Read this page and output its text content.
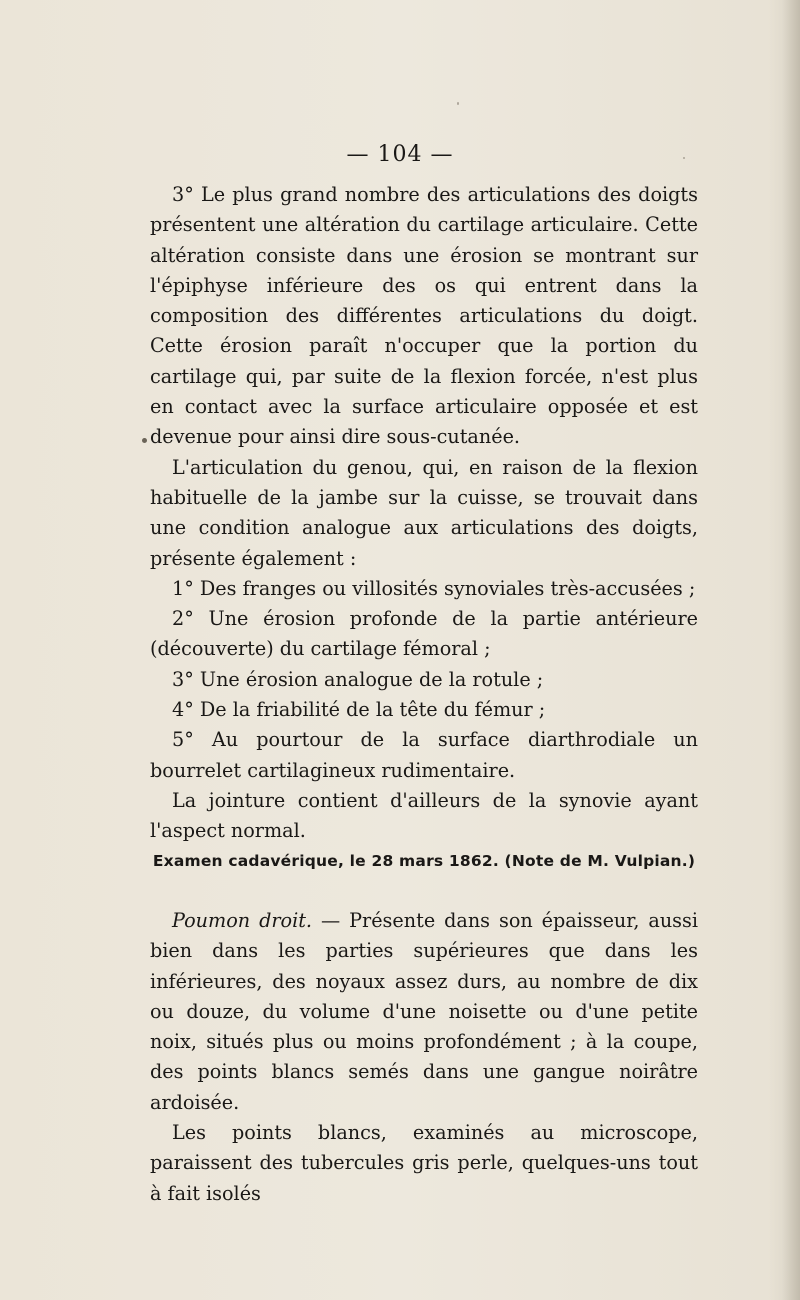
— 104 —

3° Le plus grand nombre des articulations des doigts présentent une altération du cartilage articulaire. Cette altération consiste dans une érosion se montrant sur l'épiphyse inférieure des os qui entrent dans la composition des différentes articulations du doigt. Cette érosion paraît n'occuper que la portion du cartilage qui, par suite de la flexion forcée, n'est plus en contact avec la surface articulaire opposée et est devenue pour ainsi dire sous-cutanée.

L'articulation du genou, qui, en raison de la flexion habituelle de la jambe sur la cuisse, se trouvait dans une condition analogue aux articulations des doigts, présente également :

1° Des franges ou villosités synoviales très-accusées ;

2° Une érosion profonde de la partie antérieure (découverte) du cartilage fémoral ;

3° Une érosion analogue de la rotule ;

4° De la friabilité de la tête du fémur ;

5° Au pourtour de la surface diarthrodiale un bourrelet cartilagineux rudimentaire.

La jointure contient d'ailleurs de la synovie ayant l'aspect normal.

Examen cadavérique, le 28 mars 1862. (Note de M. Vulpian.)

Poumon droit. — Présente dans son épaisseur, aussi bien dans les parties supérieures que dans les inférieures, des noyaux assez durs, au nombre de dix ou douze, du volume d'une noisette ou d'une petite noix, situés plus ou moins profondément ; à la coupe, des points blancs semés dans une gangue noirâtre ardoisée.

Les points blancs, examinés au microscope, paraissent des tubercules gris perle, quelques-uns tout à fait isolés
